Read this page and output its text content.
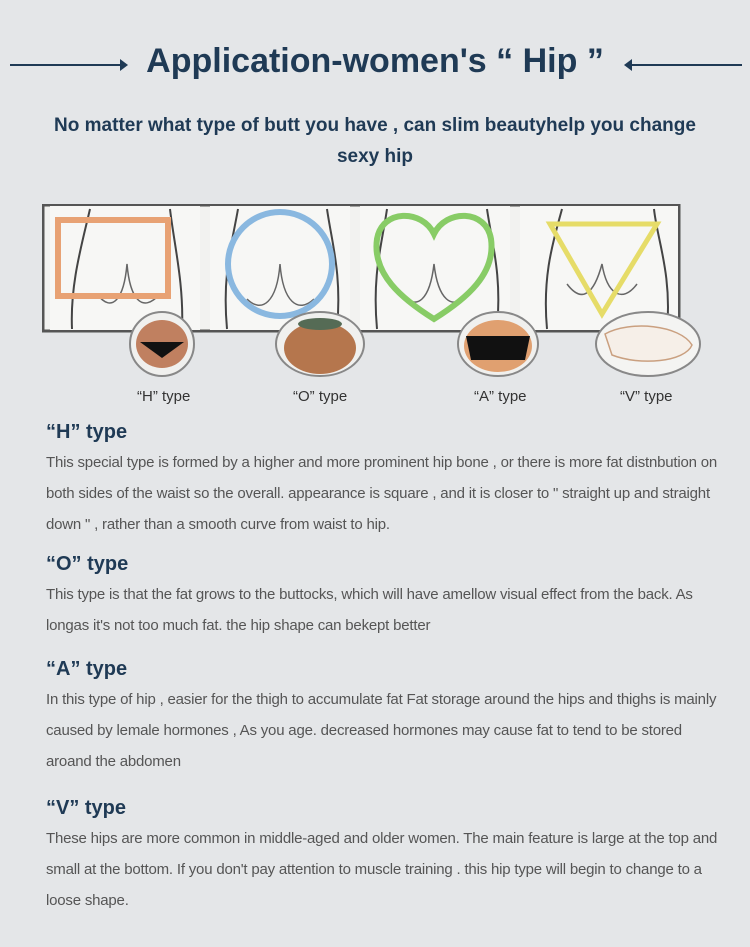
Application-women's “ Hip ”
No matter what type of butt you have , can slim beautyhelp you change sexy hip
“H” type	“O” type	“A” type	“V” type
“H” type
This special type is formed by a higher and more prominent hip bone , or there is more fat distnbution on both sides of the waist so the overall. appearance is square , and it is closer to " straight up and straight down " , rather than a smooth curve from waist to hip.
“O” type
This type is that the fat grows to the buttocks, which will have amellow visual effect from the back. As longas it's not too much fat. the hip shape can bekept better
“A” type
In this type of hip , easier for the thigh to accumulate fat Fat storage around the hips and thighs is mainly caused by lemale hormones , As you age. decreased hormones may cause fat to tend to be stored aroand the abdomen
“V” type
These hips are more common in middle-aged and older women. The main feature is large at the top and small at the bottom. If you don't pay attention to muscle training . this hip type will begin to change to a loose shape.
